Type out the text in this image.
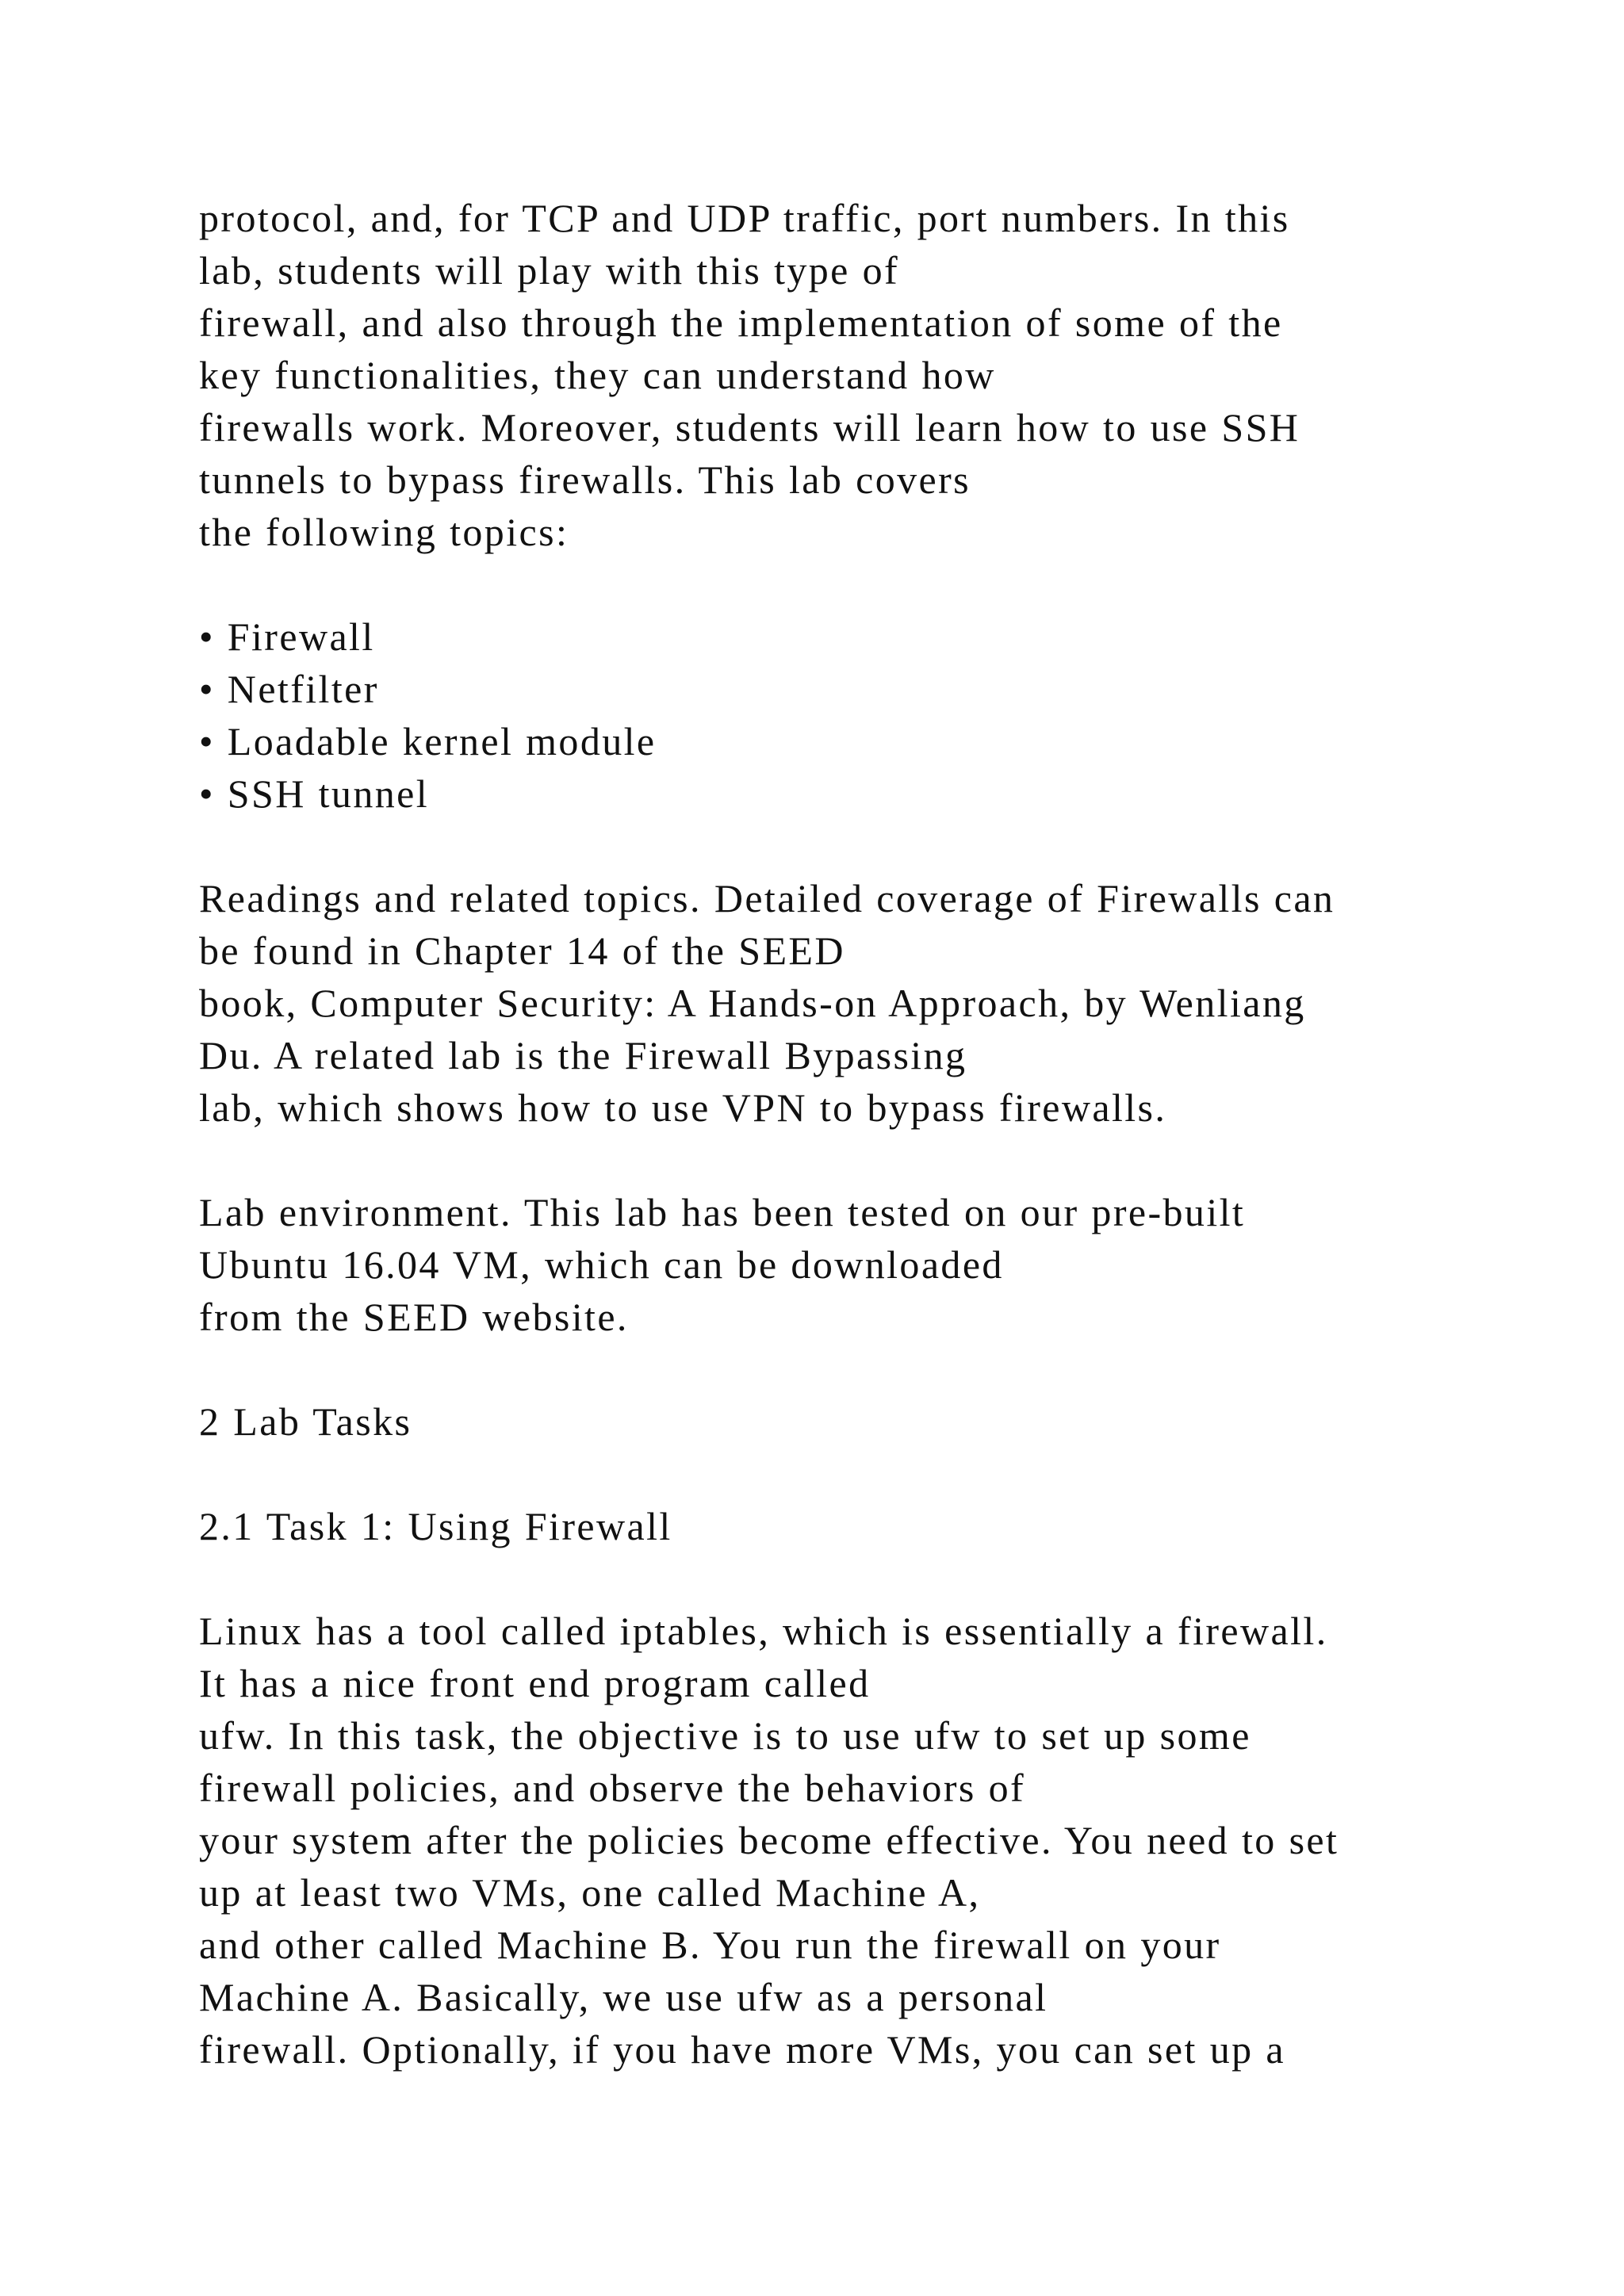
protocol, and, for TCP and UDP traffic, port numbers. In this
lab, students will play with this type of
firewall, and also through the implementation of some of the
key functionalities, they can understand how
firewalls work. Moreover, students will learn how to use SSH
tunnels to bypass firewalls. This lab covers
the following topics:
• Firewall
• Netfilter
• Loadable kernel module
• SSH tunnel
Readings and related topics. Detailed coverage of Firewalls can
be found in Chapter 14 of the SEED
book, Computer Security: A Hands-on Approach, by Wenliang
Du. A related lab is the Firewall Bypassing
lab, which shows how to use VPN to bypass firewalls.
Lab environment. This lab has been tested on our pre-built
Ubuntu 16.04 VM, which can be downloaded
from the SEED website.
2 Lab Tasks
2.1 Task 1: Using Firewall
Linux has a tool called iptables, which is essentially a firewall.
It has a nice front end program called
ufw. In this task, the objective is to use ufw to set up some
firewall policies, and observe the behaviors of
your system after the policies become effective. You need to set
up at least two VMs, one called Machine A,
and other called Machine B. You run the firewall on your
Machine A. Basically, we use ufw as a personal
firewall. Optionally, if you have more VMs, you can set up a
